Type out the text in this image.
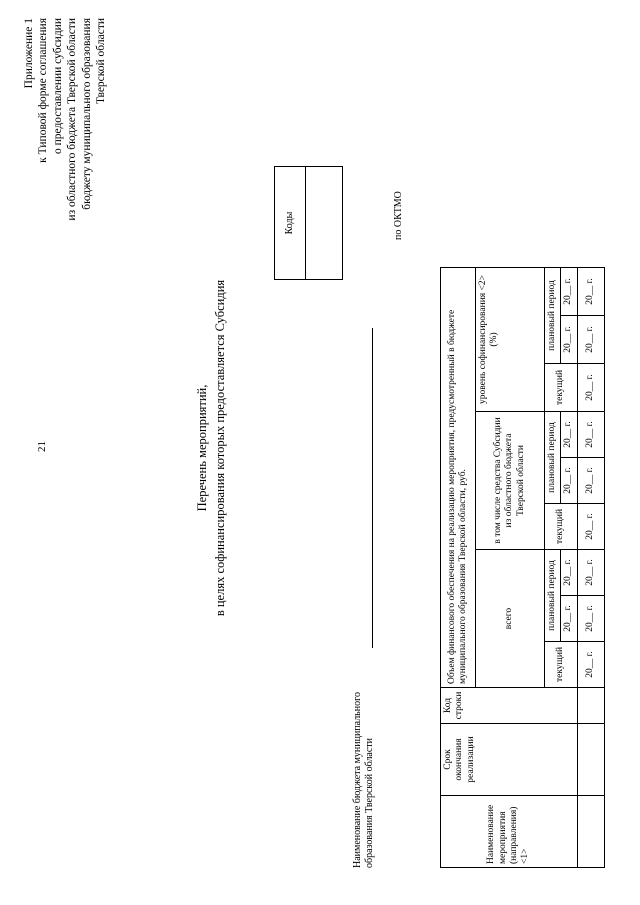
21
Приложение 1 к Типовой форме соглашения о предоставлении субсидии из областного бюджета Тверской области бюджету муниципального образования Тверской области
Перечень мероприятий, в целях софинансирования которых предоставляется Субсидия
Коды
Наименование бюджета муниципального образования Тверской области
по ОКТМО
Наименование мероприятия (направления) <1>	Срок окончания реализации	Код строки	Объем финансового обеспечения на реализацию мероприятия, предусмотренный в бюджете муниципального образования Тверской области, руб.								
			всего			в том числе средства Субсидии из областного бюджета Тверской области			уровень софинансирования <2> (%)		
			текущий	плановый период		текущий	плановый период		текущий	плановый период	
				20__ г.	20__ г.		20__ г.	20__ г.		20__ г.	20__ г.
			20__ г.	20__ г.	20__ г.	20__ г.	20__ г.	20__ г.	20__ г.	20__ г.	20__ г.
